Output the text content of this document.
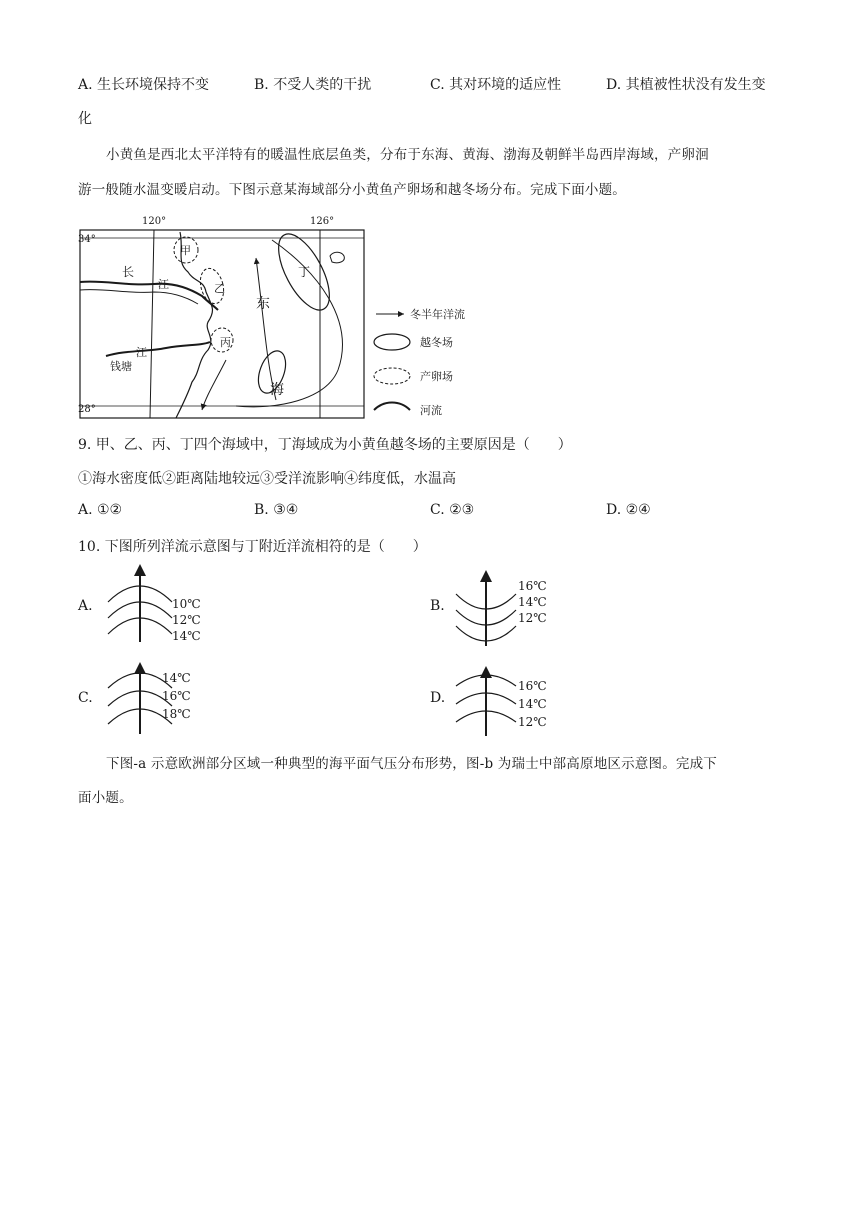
A. 生长环境保持不变	B. 不受人类的干扰	C. 其对环境的适应性	D. 其植被性状没有发生变
化
小黄鱼是西北太平洋特有的暖温性底层鱼类，分布于东海、黄海、渤海及朝鲜半岛西岸海域，产卵洄
游一般随水温变暖启动。下图示意某海域部分小黄鱼产卵场和越冬场分布。完成下面小题。
34°
28°
120°	126°
甲
乙
丙
丁
长
江
钱塘
江
东
海
冬半年洋流
越冬场
产卵场
河流
9. 甲、乙、丙、丁四个海域中，丁海域成为小黄鱼越冬场的主要原因是（　　）
①海水密度低②距离陆地较远③受洋流影响④纬度低，水温高
A. ①②	B. ③④	C. ②③	D. ②④
10. 下图所列洋流示意图与丁附近洋流相符的是（　　）
A.	10℃
12℃
14℃
B.
16℃
14℃
12℃
C.
14℃
16℃
18℃
D.
16℃
14℃
12℃
下图-a 示意欧洲部分区域一种典型的海平面气压分布形势，图-b 为瑞士中部高原地区示意图。完成下
面小题。
